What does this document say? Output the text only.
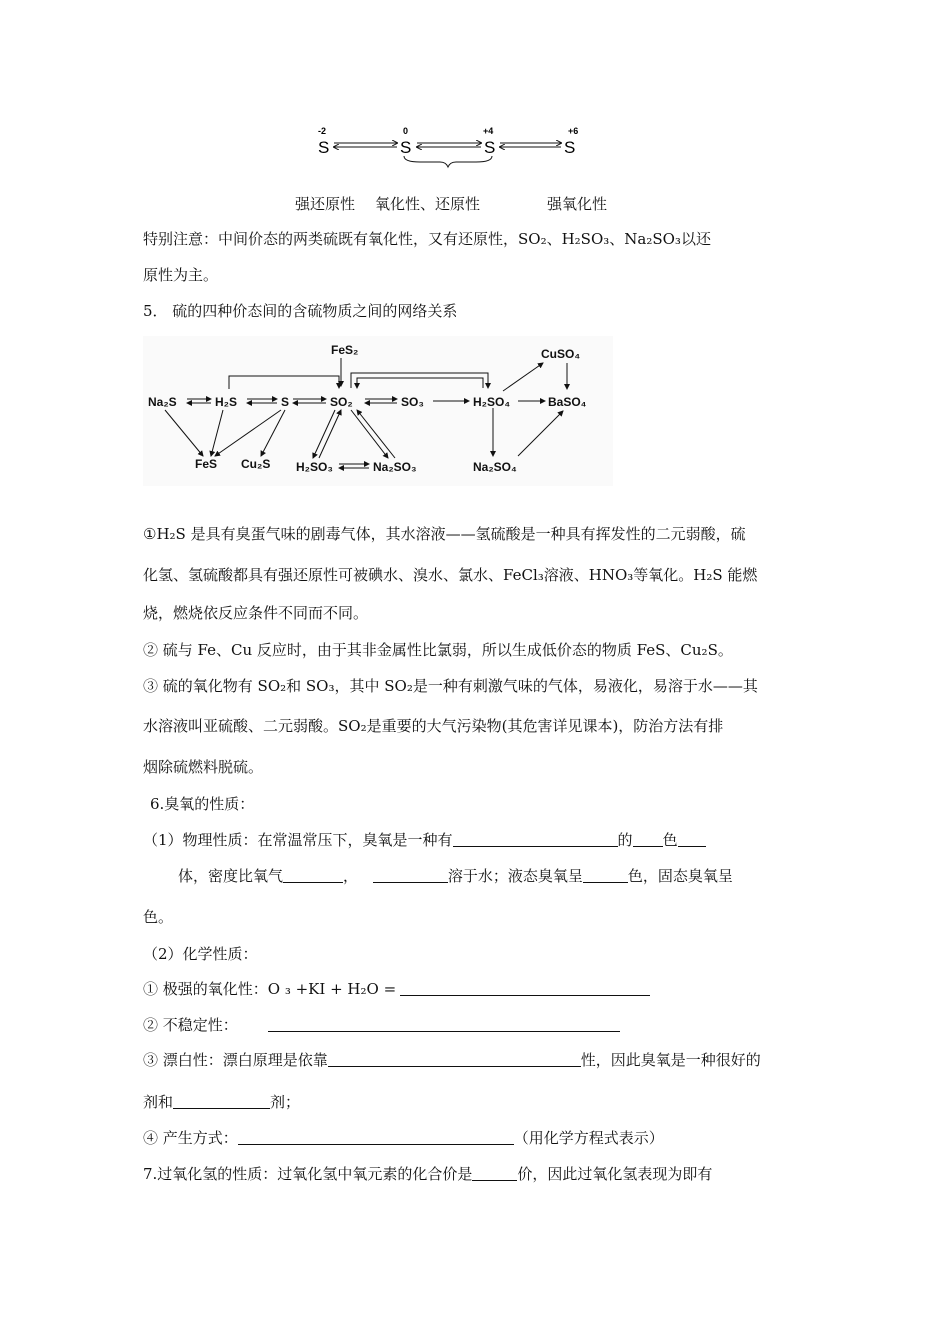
-2
S
0
S
+4
S
+6
S
强还原性 氧化性、还原性	强氧化性
特别注意：中间价态的两类硫既有氧化性，又有还原性，SO₂、H₂SO₃、Na₂SO₃以还
原性为主。
5． 硫的四种价态间的含硫物质之间的网络关系
Na₂S	H₂S	S	SO₂	SO₃	H₂SO₄	BaSO₄
CuSO₄
FeS₂
FeS Cu₂S H₂SO₃	Na₂SO₃	Na₂SO₄
①H₂S 是具有臭蛋气味的剧毒气体，其水溶液——氢硫酸是一种具有挥发性的二元弱酸，硫
化氢、氢硫酸都具有强还原性可被碘水、溴水、氯水、FeCl₃溶液、HNO₃等氧化。H₂S 能燃
烧，燃烧依反应条件不同而不同。
② 硫与 Fe、Cu 反应时，由于其非金属性比氯弱，所以生成低价态的物质 FeS、Cu₂S。
③ 硫的氧化物有 SO₂和 SO₃，其中 SO₂是一种有刺激气味的气体，易液化，易溶于水——其
水溶液叫亚硫酸、二元弱酸。SO₂是重要的大气污染物(其危害详见课本)，防治方法有排
烟除硫燃料脱硫。
6.臭氧的性质：
（1）物理性质：在常温常压下，臭氧是一种有	的 色
体，密度比氧气	，	溶于水；液态臭氧呈	色，固态臭氧呈
色。
（2）化学性质：
① 极强的氧化性：O ₃ +KI + H₂O =
② 不稳定性：
③ 漂白性：漂白原理是依靠	性，因此臭氧是一种很好的
剂和	剂；
④ 产生方式：	（用化学方程式表示）
7.过氧化氢的性质：过氧化氢中氧元素的化合价是	价，因此过氧化氢表现为即有
